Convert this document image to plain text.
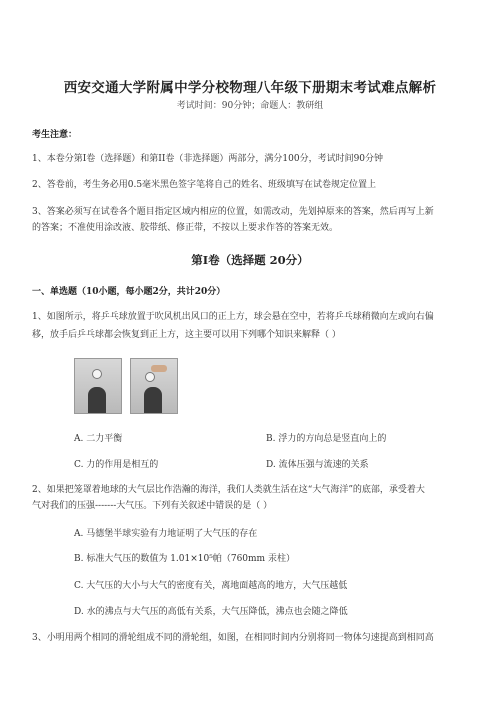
西安交通大学附属中学分校物理八年级下册期末考试难点解析
考试时间：90分钟；命题人：教研组
考生注意：
1、本卷分第I卷（选择题）和第II卷（非选择题）两部分，满分100分，考试时间90分钟
2、答卷前，考生务必用0.5毫米黑色签字笔将自己的姓名、班级填写在试卷规定位置上
3、答案必须写在试卷各个题目指定区域内相应的位置，如需改动，先划掉原来的答案，然后再写上新
的答案；不准使用涂改液、胶带纸、修正带，不按以上要求作答的答案无效。
第I卷（选择题 20分）
一、单选题（10小题，每小题2分，共计20分）
1、如图所示，将乒乓球放置于吹风机出风口的正上方，球会悬在空中，若将乒乓球稍微向左或向右偏
移，放手后乒乓球都会恢复到正上方，这主要可以用下列哪个知识来解释（ ）
A. 二力平衡	B. 浮力的方向总是竖直向上的
C. 力的作用是相互的	D. 流体压强与流速的关系
2、如果把笼罩着地球的大气层比作浩瀚的海洋，我们人类就生活在这“大气海洋”的底部，承受着大
气对我们的压强-------大气压。下列有关叙述中错误的是（ ）
A. 马德堡半球实验有力地证明了大气压的存在
B. 标准大气压的数值为 1.01×10⁵帕（760mm 汞柱）
C. 大气压的大小与大气的密度有关，离地面越高的地方，大气压越低
D. 水的沸点与大气压的高低有关系，大气压降低，沸点也会随之降低
3、小明用两个相同的滑轮组成不同的滑轮组，如图，在相同时间内分别将同一物体匀速提高到相同高
